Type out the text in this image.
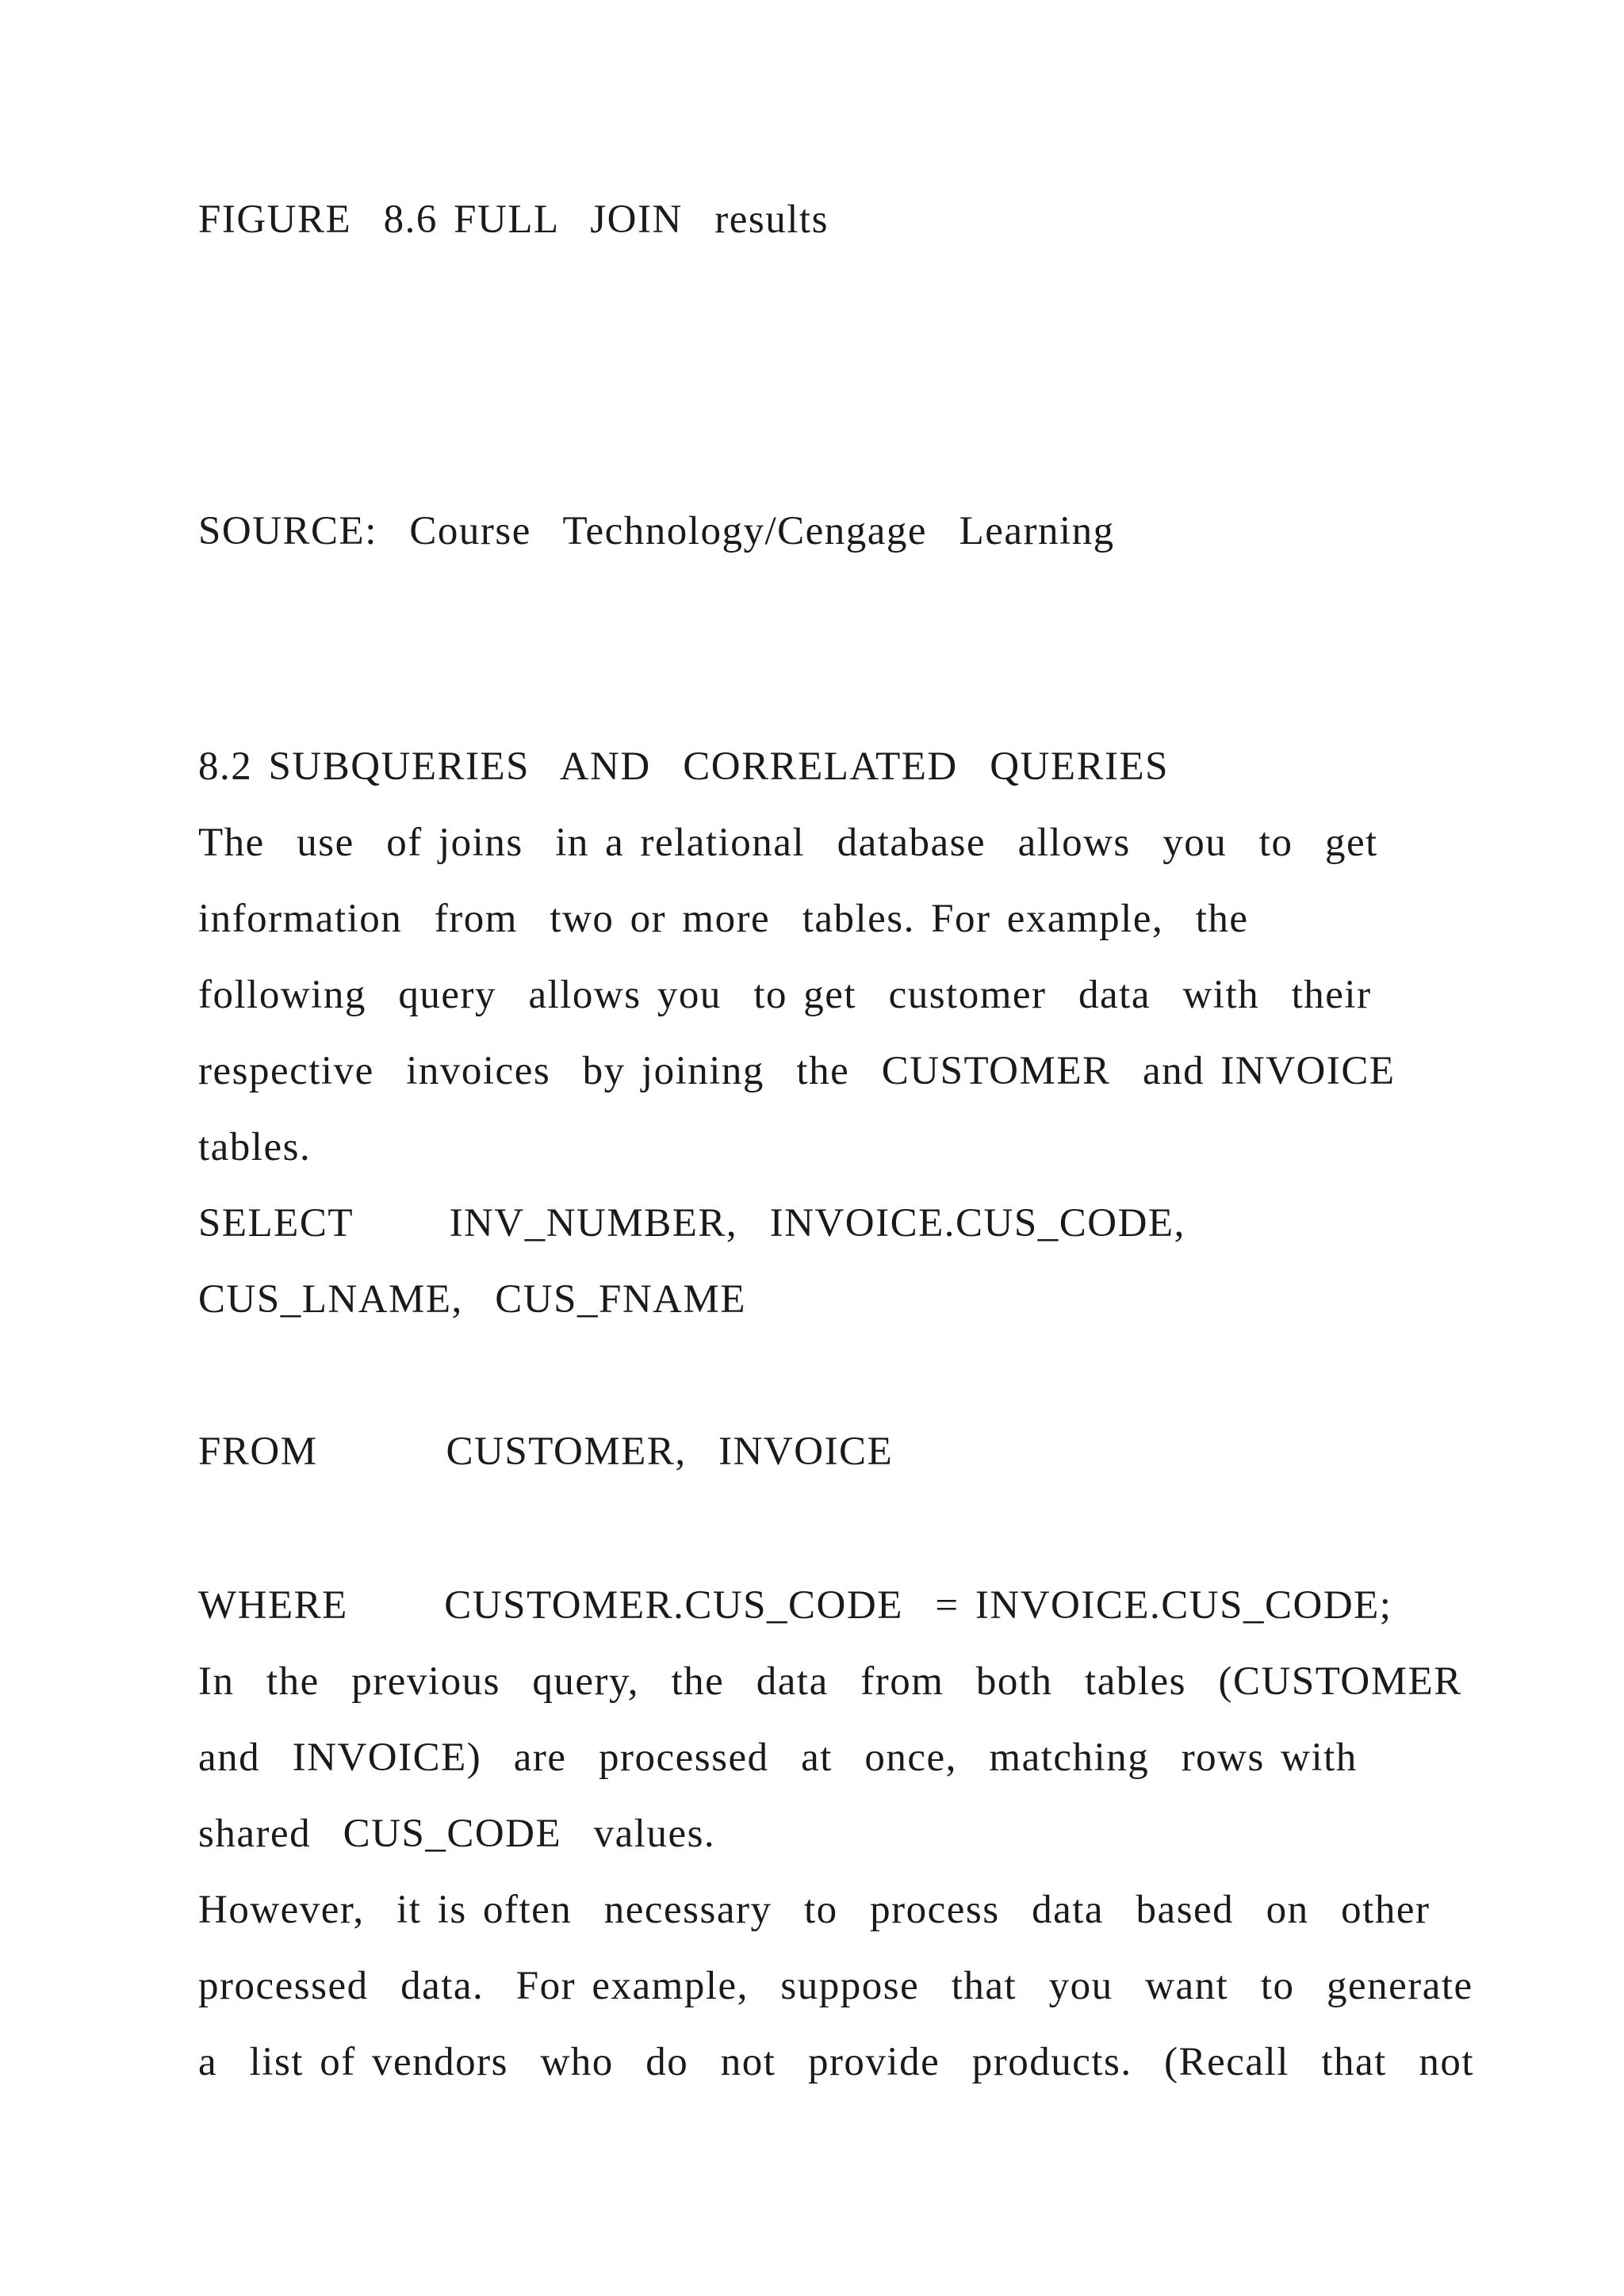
FIGURE  8.6 FULL  JOIN  results
SOURCE:  Course  Technology/Cengage  Learning
8.2 SUBQUERIES  AND  CORRELATED  QUERIES
The  use  of joins  in a relational  database  allows  you  to  get
information  from  two or more  tables. For example,  the
following  query  allows you  to get  customer  data  with  their
respective  invoices  by joining  the  CUSTOMER  and INVOICE
tables.
SELECT      INV_NUMBER,  INVOICE.CUS_CODE,
CUS_LNAME,  CUS_FNAME
FROM        CUSTOMER,  INVOICE
WHERE      CUSTOMER.CUS_CODE  = INVOICE.CUS_CODE;
In  the  previous  query,  the  data  from  both  tables  (CUSTOMER
and  INVOICE)  are  processed  at  once,  matching  rows with
shared  CUS_CODE  values.
However,  it is often  necessary  to  process  data  based  on  other
processed  data.  For example,  suppose  that  you  want  to  generate
a  list of vendors  who  do  not  provide  products.  (Recall  that  not
